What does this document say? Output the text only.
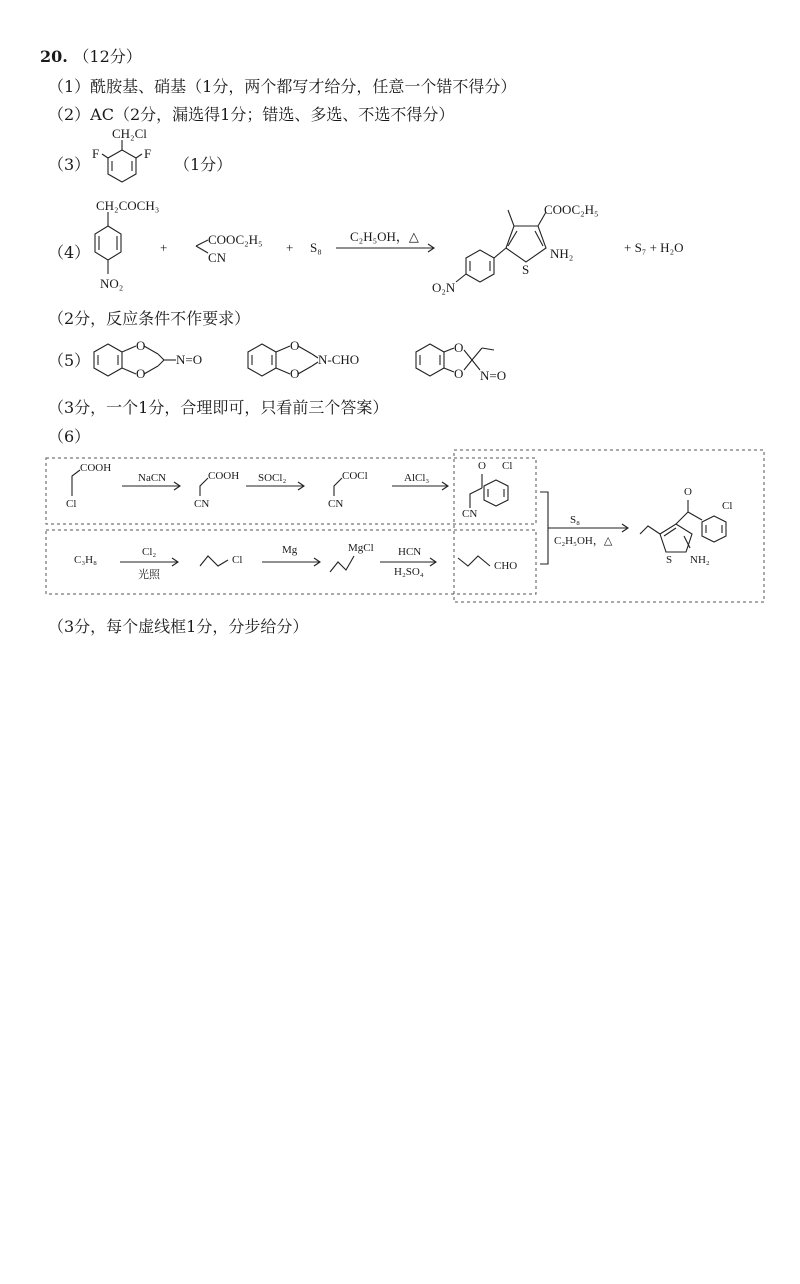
20. （12分）
（1）酰胺基、硝基（1分，两个都写才给分，任意一个错不得分）
（2）AC（2分，漏选得1分；错选、多选、不选不得分）
（3）	（1分）
（4）
（2分，反应条件不作要求）
（5）
（3分，一个1分，合理即可，只看前三个答案）
（6）
（3分，每个虚线框1分，分步给分）
CH₂Cl
F	F
CH₂COCH₃
NO₂
+
COOC₂H₅
CN
+ S₈
C₂H₅OH，△
COOC₂H₅
NH₂
S
O₂N
+ S₇ + H₂O
O
O
N=O
O
O
N-CHO
O
O N=O
COOH
Cl
NaCN	COOH
CN
SOCl₂	COCl
CN
AlCl₃
O Cl
CN
C₃H₈
Cl₂
光照
Cl
Mg	MgCl HCN
H₂SO₄	CHO
S₈
C₂H₅OH，△
O
Cl
S NH₂
